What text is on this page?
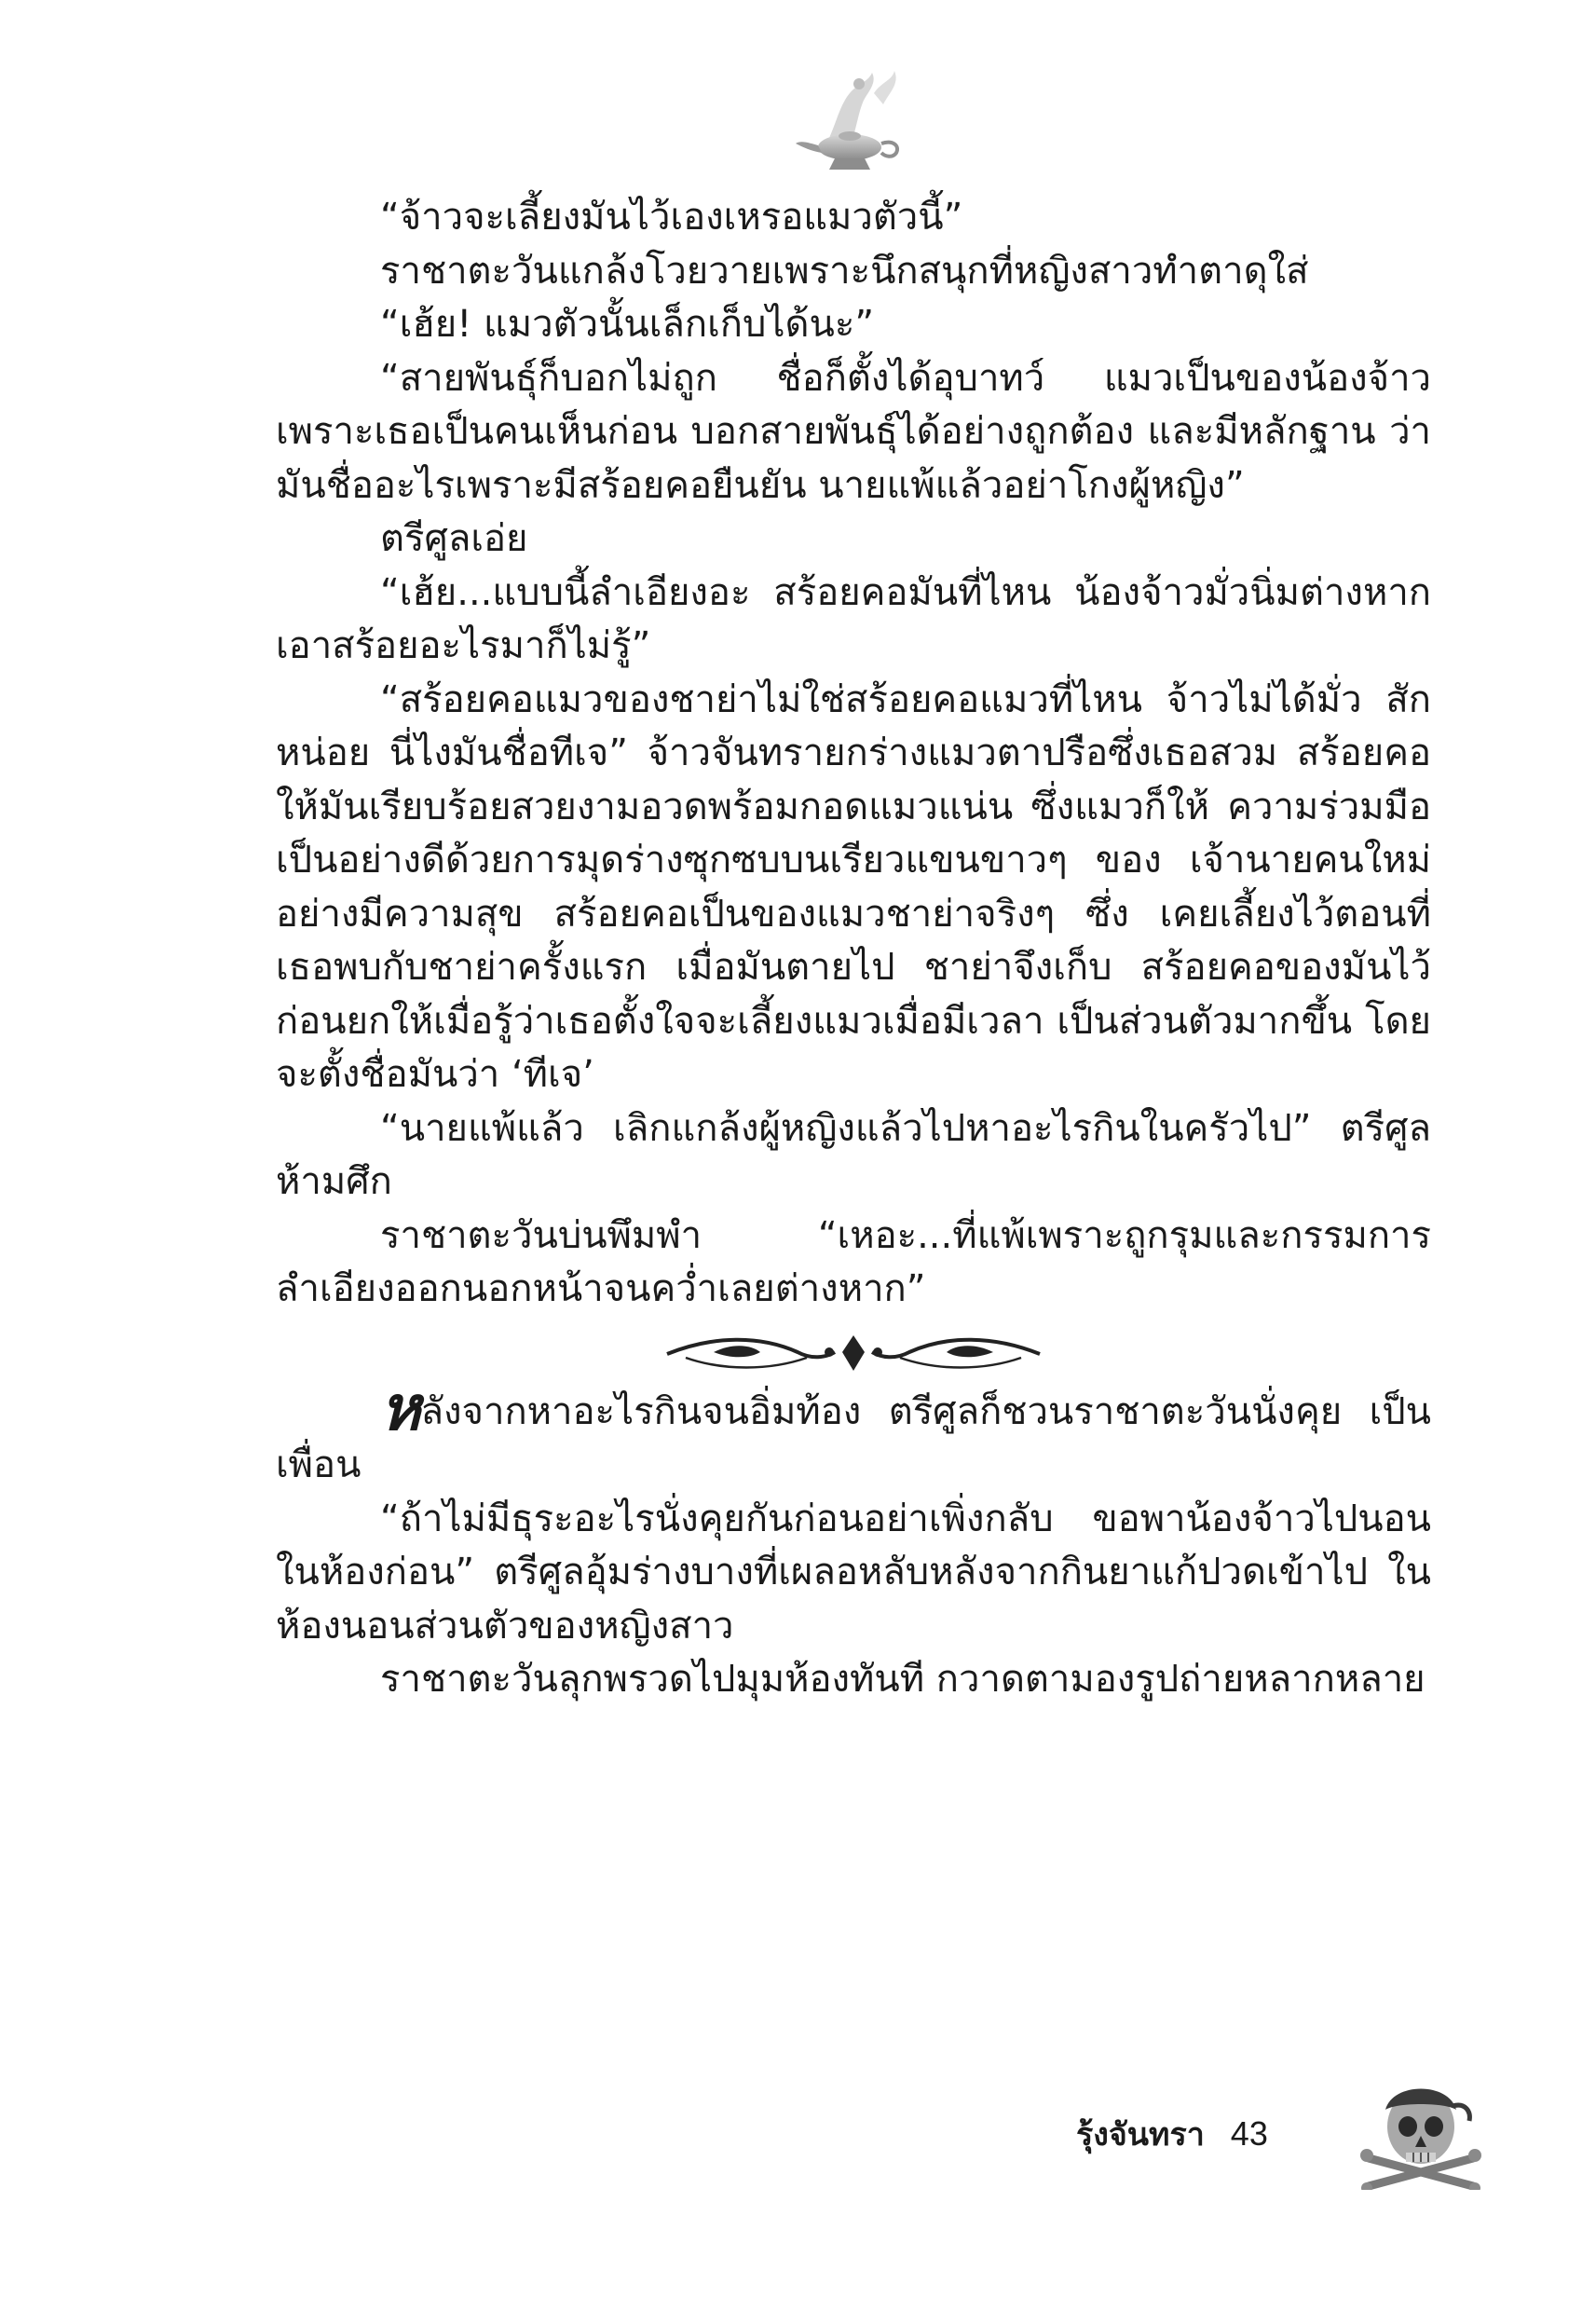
“จ้าวจะเลี้ยงมันไว้เองเหรอแมวตัวนี้”

ราชาตะวันแกล้งโวยวายเพราะนึกสนุกที่หญิงสาวทำตาดุใส่

“เฮ้ย! แมวตัวนั้นเล็กเก็บได้นะ”

“สายพันธุ์ก็บอกไม่ถูก ชื่อก็ตั้งได้อุบาทว์ แมวเป็นของน้องจ้าว เพราะเธอเป็นคนเห็นก่อน บอกสายพันธุ์ได้อย่างถูกต้อง และมีหลักฐาน ว่ามันชื่ออะไรเพราะมีสร้อยคอยืนยัน นายแพ้แล้วอย่าโกงผู้หญิง”

ตรีศูลเอ่ย

“เฮ้ย...แบบนี้ลำเอียงอะ สร้อยคอมันที่ไหน น้องจ้าวมั่วนิ่มต่างหาก เอาสร้อยอะไรมาก็ไม่รู้”

“สร้อยคอแมวของชาย่าไม่ใช่สร้อยคอแมวที่ไหน จ้าวไม่ได้มั่ว สักหน่อย นี่ไงมันชื่อทีเจ” จ้าวจันทรายกร่างแมวตาปรือซึ่งเธอสวม สร้อยคอให้มันเรียบร้อยสวยงามอวดพร้อมกอดแมวแน่น ซึ่งแมวก็ให้ ความร่วมมือเป็นอย่างดีด้วยการมุดร่างซุกซบบนเรียวแขนขาวๆ ของ เจ้านายคนใหม่อย่างมีความสุข สร้อยคอเป็นของแมวชาย่าจริงๆ ซึ่ง เคยเลี้ยงไว้ตอนที่เธอพบกับชาย่าครั้งแรก เมื่อมันตายไป ชาย่าจึงเก็บ สร้อยคอของมันไว้ก่อนยกให้เมื่อรู้ว่าเธอตั้งใจจะเลี้ยงแมวเมื่อมีเวลา เป็นส่วนตัวมากขึ้น โดยจะตั้งชื่อมันว่า ‘ทีเจ’

“นายแพ้แล้ว เลิกแกล้งผู้หญิงแล้วไปหาอะไรกินในครัวไป” ตรีศูล ห้ามศึก

ราชาตะวันบ่นพึมพำ “เหอะ...ที่แพ้เพราะถูกรุมและกรรมการ ลำเอียงออกนอกหน้าจนคว่ำเลยต่างหาก”

หลังจากหาอะไรกินจนอิ่มท้อง ตรีศูลก็ชวนราชาตะวันนั่งคุย เป็นเพื่อน

“ถ้าไม่มีธุระอะไรนั่งคุยกันก่อนอย่าเพิ่งกลับ ขอพาน้องจ้าวไปนอน ในห้องก่อน” ตรีศูลอุ้มร่างบางที่เผลอหลับหลังจากกินยาแก้ปวดเข้าไป ในห้องนอนส่วนตัวของหญิงสาว

ราชาตะวันลุกพรวดไปมุมห้องทันที กวาดตามองรูปถ่ายหลากหลาย

รุ้งจันทรา 43
